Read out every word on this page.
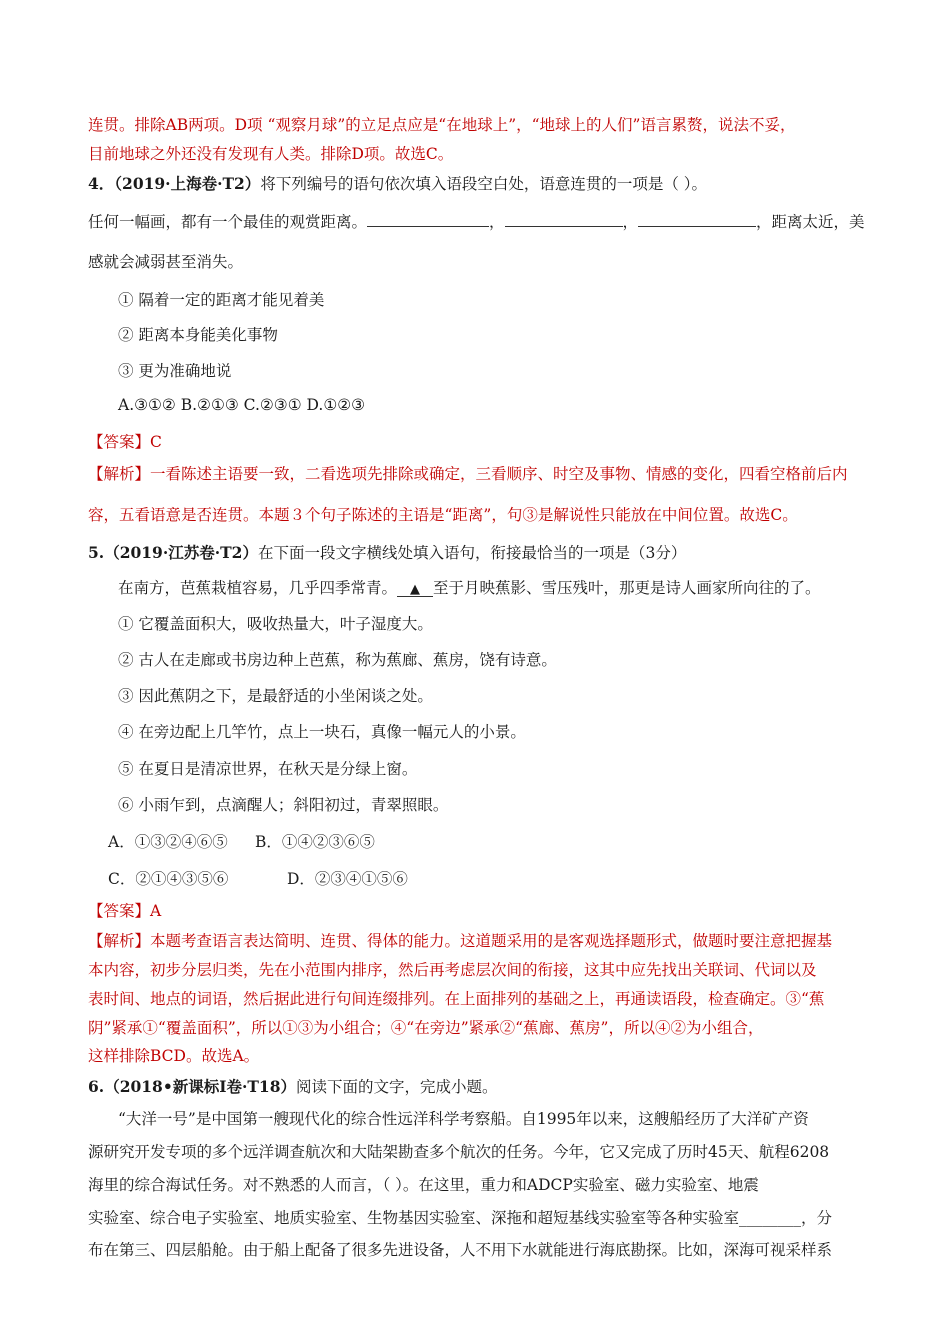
连贯。排除AB两项。D项 “观察月球”的立足点应是“在地球上”，“地球上的人们”语言累赘，说法不妥，
目前地球之外还没有发现有人类。排除D项。故选C。
4．（2019·上海卷·T2）将下列编号的语句依次填入语段空白处，语意连贯的一项是（ ）。
任何一幅画，都有一个最佳的观赏距离。	，	，	，距离太近，美
感就会减弱甚至消失。
① 隔着一定的距离才能见着美
② 距离本身能美化事物
③ 更为准确地说
A.③①② B.②①③ C.②③① D.①②③
【答案】C
【解析】一看陈述主语要一致，二看选项先排除或确定，三看顺序、时空及事物、情感的变化，四看空格前后内
容，五看语意是否连贯。本题３个句子陈述的主语是“距离”，句③是解说性只能放在中间位置。故选C。
5.（2019·江苏卷·T2）在下面一段文字横线处填入语句，衔接最恰当的一项是（3分）
在南方，芭蕉栽植容易，几乎四季常青。 ▲ 至于月映蕉影、雪压残叶，那更是诗人画家所向往的了。
① 它覆盖面积大，吸收热量大，叶子湿度大。
② 古人在走廊或书房边种上芭蕉，称为蕉廊、蕉房，饶有诗意。
③ 因此蕉阴之下，是最舒适的小坐闲谈之处。
④ 在旁边配上几竿竹，点上一块石，真像一幅元人的小景。
⑤ 在夏日是清凉世界，在秋天是分绿上窗。
⑥ 小雨乍到，点滴醒人；斜阳初过，青翠照眼。
A．①③②④⑥⑤ B．①④②③⑥⑤
C．②①④③⑤⑥	D．②③④①⑤⑥
【答案】A
【解析】本题考查语言表达简明、连贯、得体的能力。这道题采用的是客观选择题形式，做题时要注意把握基
本内容，初步分层归类，先在小范围内排序，然后再考虑层次间的衔接，这其中应先找出关联词、代词以及
表时间、地点的词语，然后据此进行句间连缀排列。在上面排列的基础之上，再通读语段，检查确定。③“蕉
阴”紧承①“覆盖面积”，所以①③为小组合；④“在旁边”紧承②“蕉廊、蕉房”，所以④②为小组合，
这样排除BCD。故选A。
6.（2018•新课标Ⅰ卷·T18）阅读下面的文字，完成小题。
“大洋一号”是中国第一艘现代化的综合性远洋科学考察船。自1995年以来，这艘船经历了大洋矿产资
源研究开发专项的多个远洋调查航次和大陆架勘查多个航次的任务。今年，它又完成了历时45天、航程6208
海里的综合海试任务。对不熟悉的人而言，（ ）。在这里，重力和ADCP实验室、磁力实验室、地震
实验室、综合电子实验室、地质实验室、生物基因实验室、深拖和超短基线实验室等各种实验室________，分
布在第三、四层船舱。由于船上配备了很多先进设备，人不用下水就能进行海底勘探。比如，深海可视采样系
